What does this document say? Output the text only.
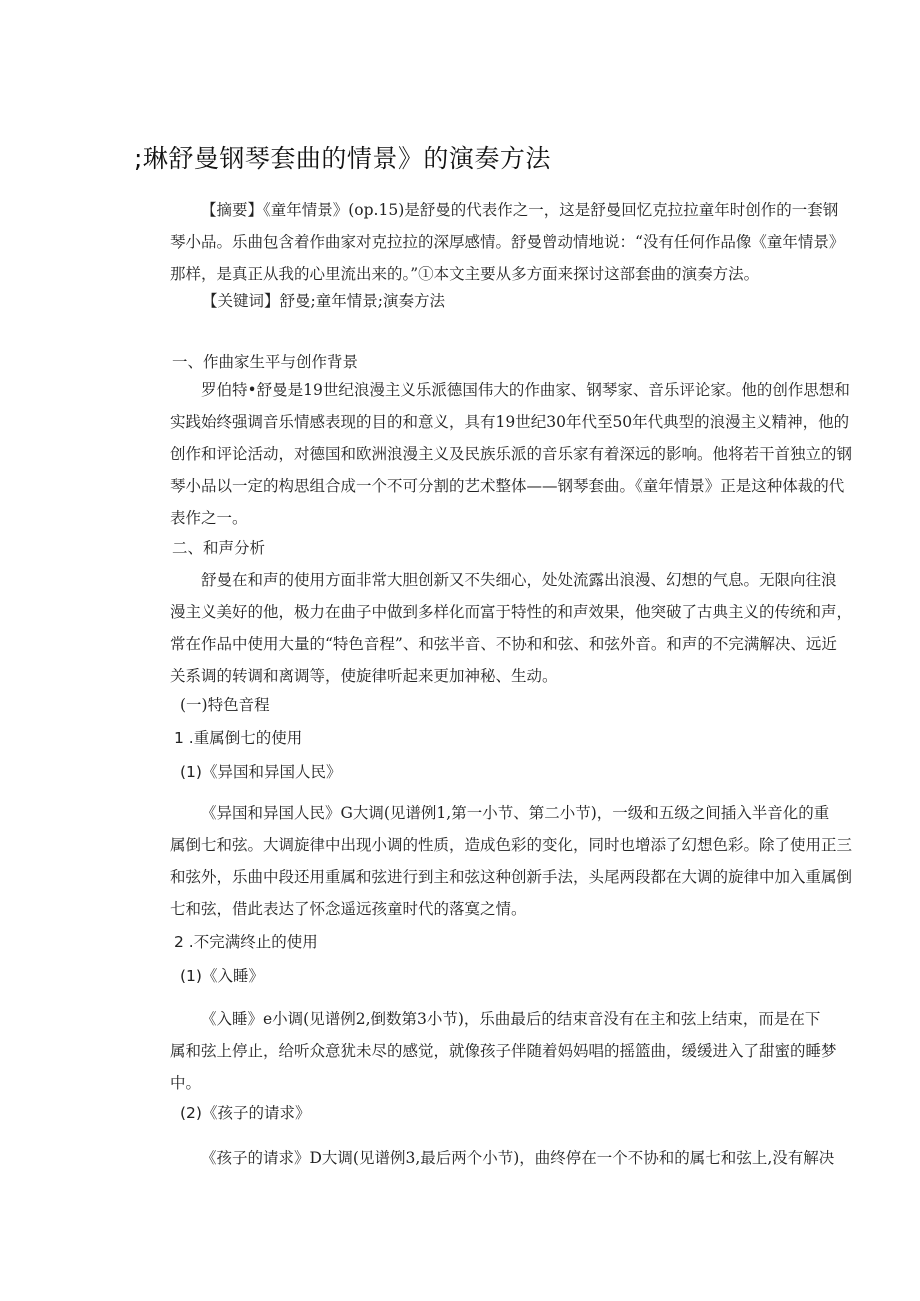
;琳舒曼钢琴套曲的情景》的演奏方法
【摘要】《童年情景》(op.15)是舒曼的代表作之一，这是舒曼回忆克拉拉童年时创作的一套钢
琴小品。乐曲包含着作曲家对克拉拉的深厚感情。舒曼曾动情地说：“没有任何作品像《童年情景》
那样，是真正从我的心里流出来的。”①本文主要从多方面来探讨这部套曲的演奏方法。
【关键词】舒曼;童年情景;演奏方法
一、作曲家生平与创作背景
罗伯特•舒曼是19世纪浪漫主义乐派德国伟大的作曲家、钢琴家、音乐评论家。他的创作思想和
实践始终强调音乐情感表现的目的和意义，具有19世纪30年代至50年代典型的浪漫主义精神，他的
创作和评论活动，对德国和欧洲浪漫主义及民族乐派的音乐家有着深远的影响。他将若干首独立的钢
琴小品以一定的构思组合成一个不可分割的艺术整体——钢琴套曲。《童年情景》正是这种体裁的代
表作之一。
二、和声分析
舒曼在和声的使用方面非常大胆创新又不失细心，处处流露出浪漫、幻想的气息。无限向往浪
漫主义美好的他，极力在曲子中做到多样化而富于特性的和声效果，他突破了古典主义的传统和声，
常在作品中使用大量的“特色音程”、和弦半音、不协和和弦、和弦外音。和声的不完满解决、远近
关系调的转调和离调等，使旋律听起来更加神秘、生动。
(一)特色音程
1 .重属倒七的使用
(1)《异国和异国人民》
《异国和异国人民》G大调(见谱例1,第一小节、第二小节)，一级和五级之间插入半音化的重
属倒七和弦。大调旋律中出现小调的性质，造成色彩的变化，同时也增添了幻想色彩。除了使用正三
和弦外，乐曲中段还用重属和弦进行到主和弦这种创新手法，头尾两段都在大调的旋律中加入重属倒
七和弦，借此表达了怀念遥远孩童时代的落寞之情。
2 .不完满终止的使用
(1)《入睡》
《入睡》e小调(见谱例2,倒数第3小节)，乐曲最后的结束音没有在主和弦上结束，而是在下
属和弦上停止，给听众意犹未尽的感觉，就像孩子伴随着妈妈唱的摇篮曲，缓缓进入了甜蜜的睡梦
中。
(2)《孩子的请求》
《孩子的请求》D大调(见谱例3,最后两个小节)，曲终停在一个不协和的属七和弦上,没有解决
